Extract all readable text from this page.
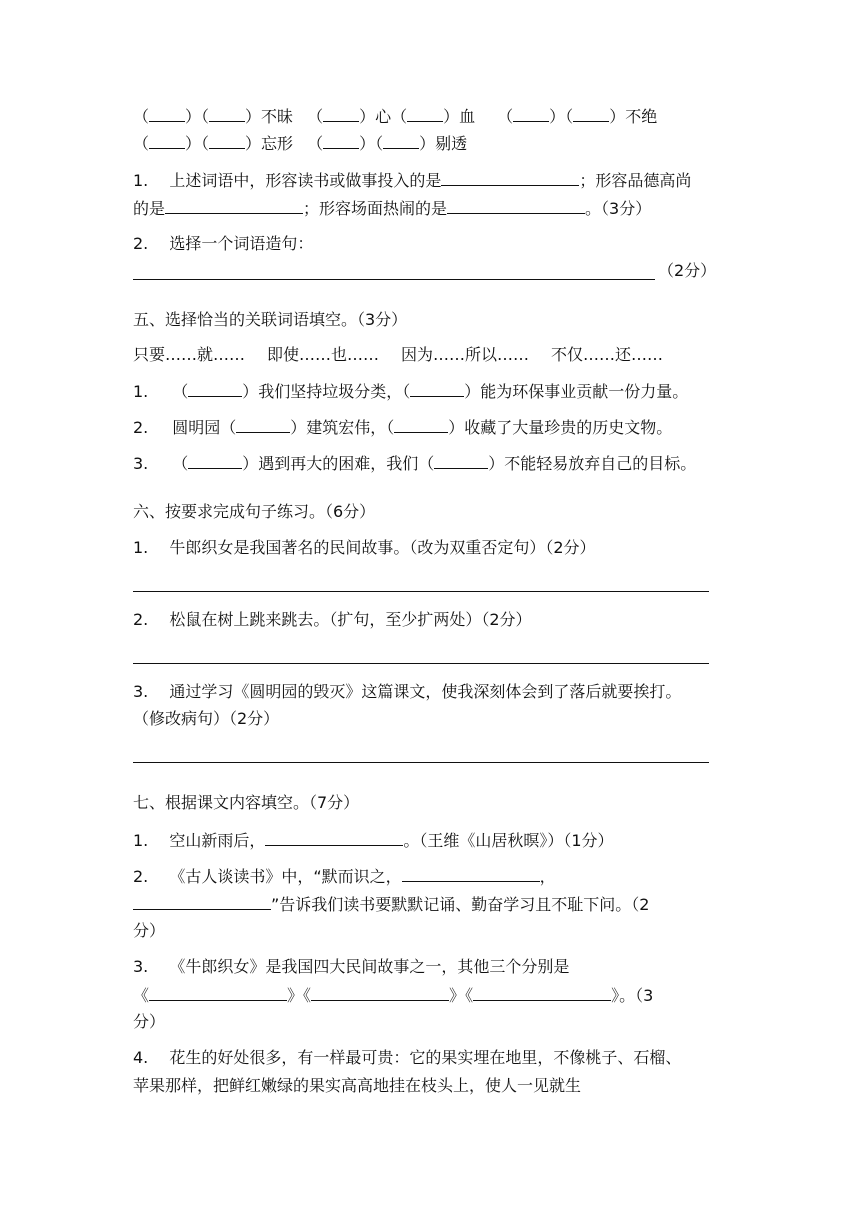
（ ）（ ）不昧 （ ）心（ ）血 （ ）（ ）不绝
（ ）（ ）忘形 （ ）（ ）剔透
1.　 上述词语中，形容读书或做事投入的是	；形容品德高尚
的是	；形容场面热闹的是	。（3分）
2.　 选择一个词语造句：
（2分）
五、选择恰当的关联词语填空。（3分）
只要……就…… 即使……也…… 因为……所以…… 不仅……还……
1. （	）我们坚持垃圾分类，（	）能为环保事业贡献一份力量。
2. 圆明园（	）建筑宏伟，（	）收藏了大量珍贵的历史文物。
3. （	）遇到再大的困难，我们（	）不能轻易放弃自己的目标。
六、按要求完成句子练习。（6分）
1.　 牛郎织女是我国著名的民间故事。（改为双重否定句）（2分）
2.　 松鼠在树上跳来跳去。（扩句，至少扩两处）（2分）
3.　 通过学习《圆明园的毁灭》这篇课文，使我深刻体会到了落后就要挨打。
（修改病句）（2分）
七、根据课文内容填空。（7分）
1.　 空山新雨后，	。（王维《山居秋暝》）（1分）
2.　 《古人谈读书》中，“默而识之，	，
”告诉我们读书要默默记诵、勤奋学习且不耻下问。（2
分）
3.　 《牛郎织女》是我国四大民间故事之一，其他三个分别是
《	》《	》《	》。（3
分）
4.　 花生的好处很多，有一样最可贵：它的果实埋在地里，不像桃子、石榴、
苹果那样，把鲜红嫩绿的果实高高地挂在枝头上，使人一见就生
